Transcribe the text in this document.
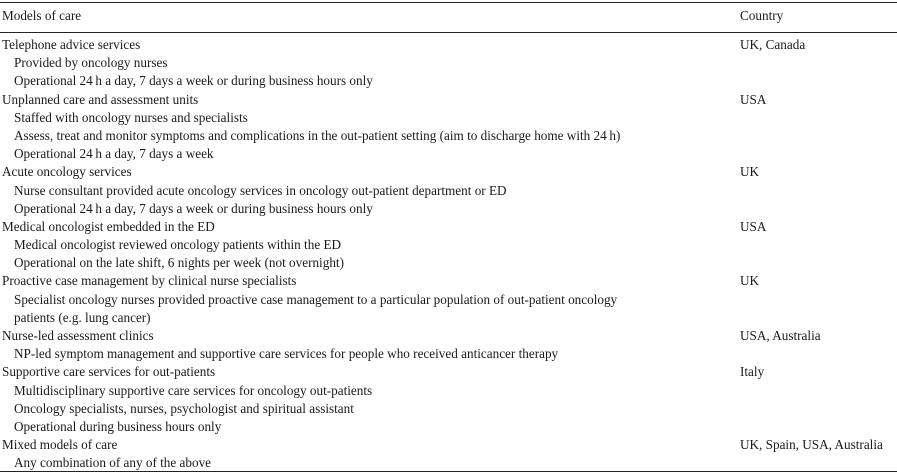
Models of care	Country
Telephone advice services	UK, Canada
Provided by oncology nurses
Operational 24 h a day, 7 days a week or during business hours only
Unplanned care and assessment units	USA
Staffed with oncology nurses and specialists
Assess, treat and monitor symptoms and complications in the out-patient setting (aim to discharge home with 24 h)
Operational 24 h a day, 7 days a week
Acute oncology services	UK
Nurse consultant provided acute oncology services in oncology out-patient department or ED
Operational 24 h a day, 7 days a week or during business hours only
Medical oncologist embedded in the ED	USA
Medical oncologist reviewed oncology patients within the ED
Operational on the late shift, 6 nights per week (not overnight)
Proactive case management by clinical nurse specialists	UK
Specialist oncology nurses provided proactive case management to a particular population of out-patient oncology
patients (e.g. lung cancer)
Nurse-led assessment clinics	USA, Australia
NP-led symptom management and supportive care services for people who received anticancer therapy
Supportive care services for out-patients	Italy
Multidisciplinary supportive care services for oncology out-patients
Oncology specialists, nurses, psychologist and spiritual assistant
Operational during business hours only
Mixed models of care	UK, Spain, USA, Australia
Any combination of any of the above
